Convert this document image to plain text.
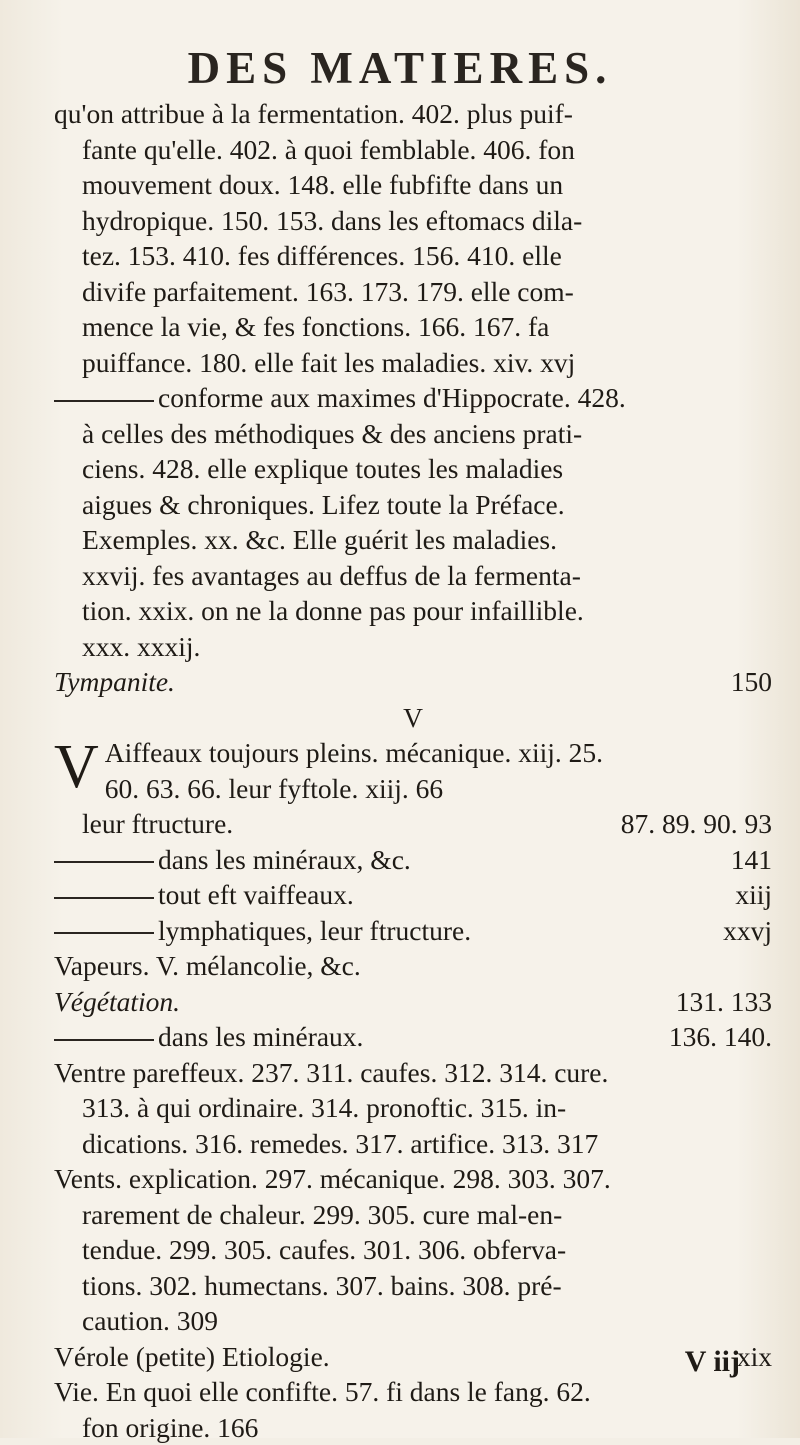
DES MATIERES.
qu'on attribue à la fermentation. 402. plus puif-
fante qu'elle. 402. à quoi femblable. 406. fon
mouvement doux. 148. elle fubfifte dans un
hydropique. 150. 153. dans les eftomacs dila-
tez. 153. 410. fes différences. 156. 410. elle
divife parfaitement. 163. 173. 179. elle com-
mence la vie, & fes fonctions. 166. 167. fa
puiffance. 180. elle fait les maladies. xiv. xvj
conforme aux maximes d'Hippocrate. 428.
à celles des méthodiques & des anciens prati-
ciens. 428. elle explique toutes les maladies
aigues & chroniques. Lifez toute la Préface.
Exemples. xx. &c. Elle guérit les maladies.
xxvij. fes avantages au deffus de la fermenta-
tion. xxix. on ne la donne pas pour infaillible.
xxx. xxxij.
Tympanite.	150
V
V Aiffeaux toujours pleins. mécanique. xiij. 25.
60. 63. 66. leur fyftole. xiij. 66
leur ftructure.	87. 89. 90. 93
dans les minéraux, &c.	141
tout eft vaiffeaux.	xiij
lymphatiques, leur ftructure.	xxvj
Vapeurs. V. mélancolie, &c.
Végétation.	131. 133
dans les minéraux.	136. 140.
Ventre pareffeux. 237. 311. caufes. 312. 314. cure.
313. à qui ordinaire. 314. pronoftic. 315. in-
dications. 316. remedes. 317. artifice. 313. 317
Vents. explication. 297. mécanique. 298. 303. 307.
rarement de chaleur. 299. 305. cure mal-en-
tendue. 299. 305. caufes. 301. 306. obferva-
tions. 302. humectans. 307. bains. 308. pré-
caution. 309
Vérole (petite) Etiologie.	xix
Vie. En quoi elle confifte. 57. fi dans le fang. 62.
fon origine. 166
V iij
